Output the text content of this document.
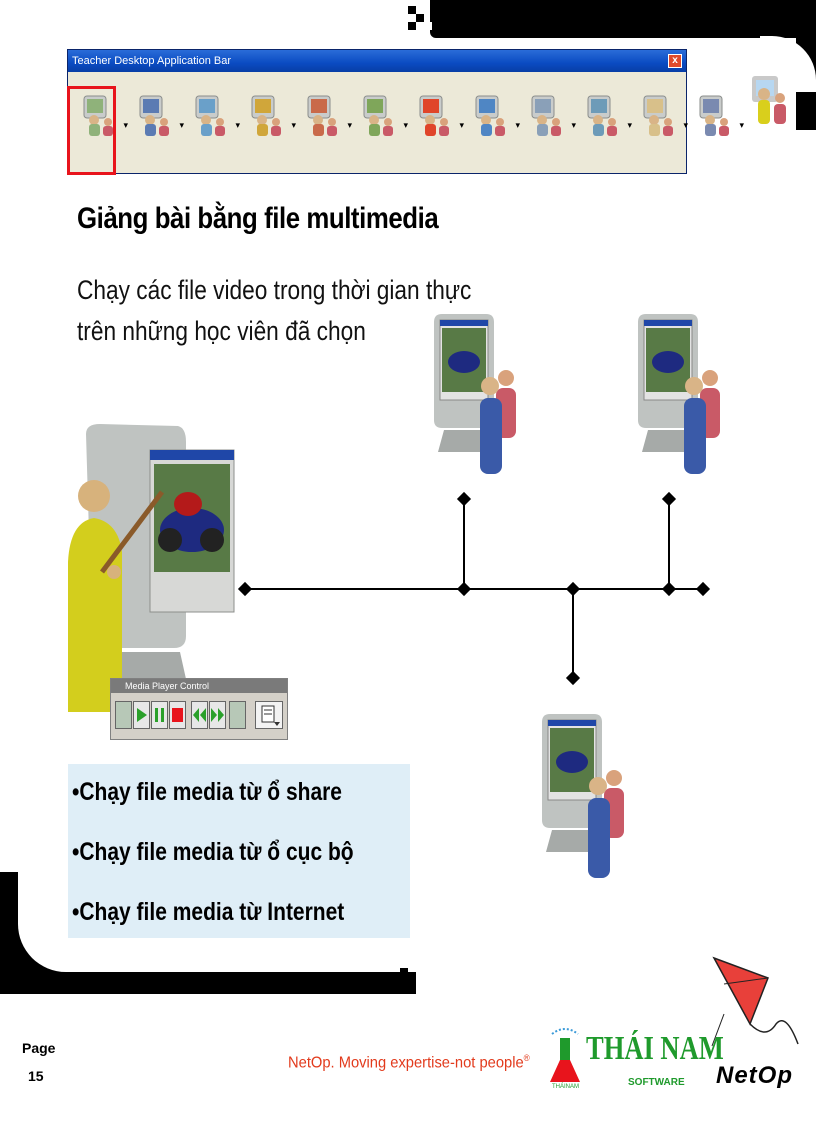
Teacher Desktop Application Bar	x
▾	▾	▾	▾	▾	▾	▾	▾	▾	▾	▾	▾
Giảng bài bằng file multimedia
Chạy các file video trong thời gian thực
trên những học viên đã chọn
Media Player Control
•Chạy file media từ ổ share
•Chạy file media từ ổ cục bộ
•Chạy file media từ Internet
Page
15
NetOp. Moving expertise-not people®
THÁINAM
THÁI NAM
SOFTWARE NetOp
